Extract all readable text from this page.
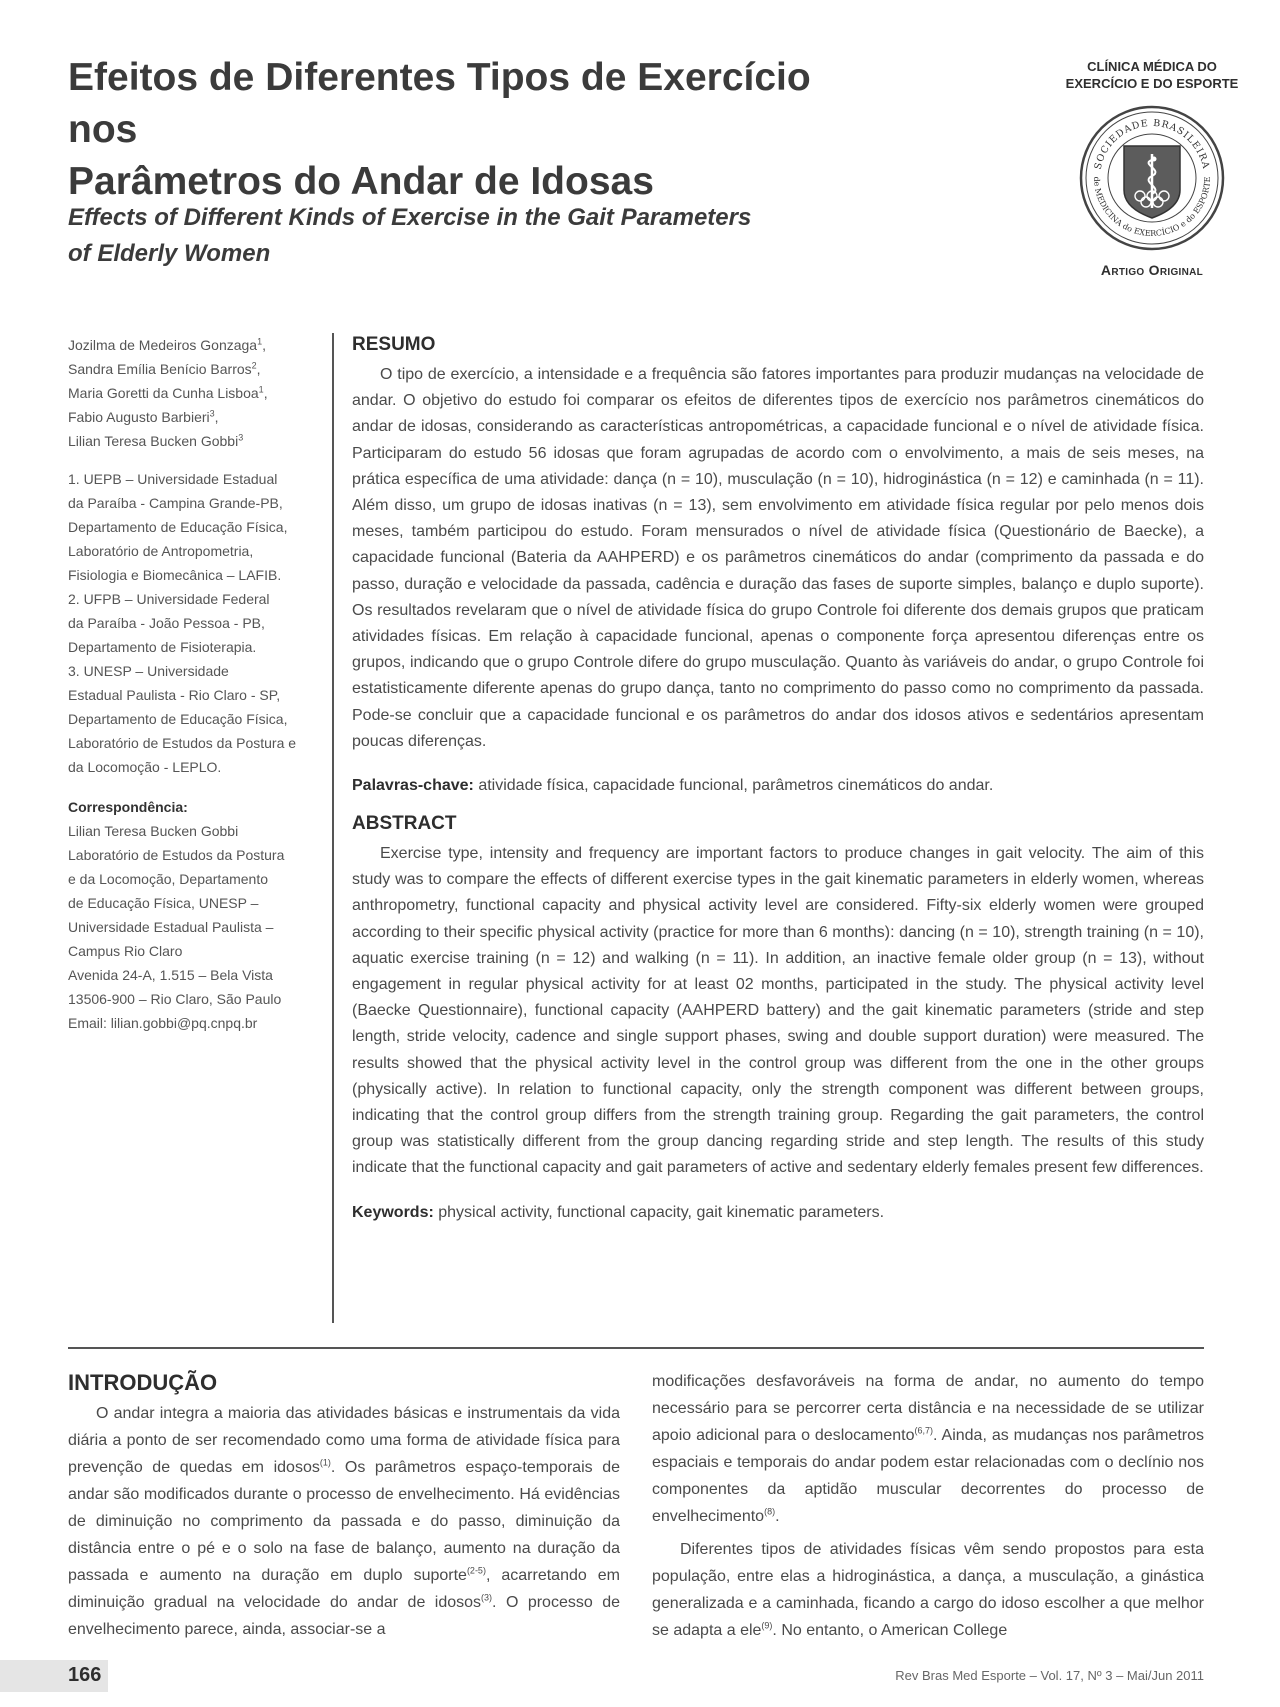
Efeitos de Diferentes Tipos de Exercício nos
Parâmetros do Andar de Idosas
Effects of Different Kinds of Exercise in the Gait Parameters
of Elderly Women
CLÍNICA MÉDICA DO
EXERCÍCIO E DO ESPORTE
SOCIEDADE BRASILEIRA
de MEDICINA do EXERCÍCIO e do ESPORTE
Artigo Original
Jozilma de Medeiros Gonzaga$^1$,
Sandra Emília Benício Barros$^2$,
Maria Goretti da Cunha Lisboa$^1$,
Fabio Augusto Barbieri$^3$,
Lilian Teresa Bucken Gobbi$^3$
1. UEPB – Universidade Estadual
da Paraíba - Campina Grande-PB,
Departamento de Educação Física,
Laboratório de Antropometria,
Fisiologia e Biomecânica – LAFIB.
2. UFPB – Universidade Federal
da Paraíba - João Pessoa - PB,
Departamento de Fisioterapia.
3. UNESP – Universidade
Estadual Paulista - Rio Claro - SP,
Departamento de Educação Física,
Laboratório de Estudos da Postura e
da Locomoção - LEPLO.
Correspondência:
Lilian Teresa Bucken Gobbi
Laboratório de Estudos da Postura
e da Locomoção, Departamento
de Educação Física, UNESP –
Universidade Estadual Paulista –
Campus Rio Claro
Avenida 24-A, 1.515 – Bela Vista
13506-900 – Rio Claro, São Paulo
Email: lilian.gobbi@pq.cnpq.br
RESUMO

O tipo de exercício, a intensidade e a frequência são fatores importantes para produzir mudanças na velocidade de andar. O objetivo do estudo foi comparar os efeitos de diferentes tipos de exercício nos parâmetros cinemáticos do andar de idosas, considerando as características antropométricas, a capacidade funcional e o nível de atividade física. Participaram do estudo 56 idosas que foram agrupadas de acordo com o envolvimento, a mais de seis meses, na prática específica de uma atividade: dança (n = 10), musculação (n = 10), hidroginástica (n = 12) e caminhada (n = 11). Além disso, um grupo de idosas inativas (n = 13), sem envolvimento em atividade física regular por pelo menos dois meses, também participou do estudo. Foram mensurados o nível de atividade física (Questionário de Baecke), a capacidade funcional (Bateria da AAHPERD) e os parâmetros cinemáticos do andar (comprimento da passada e do passo, duração e velocidade da passada, cadência e duração das fases de suporte simples, balanço e duplo suporte). Os resultados revelaram que o nível de atividade física do grupo Controle foi diferente dos demais grupos que praticam atividades físicas. Em relação à capacidade funcional, apenas o componente força apresentou diferenças entre os grupos, indicando que o grupo Controle difere do grupo musculação. Quanto às variáveis do andar, o grupo Controle foi estatisticamente diferente apenas do grupo dança, tanto no comprimento do passo como no comprimento da passada. Pode-se concluir que a capacidade funcional e os parâmetros do andar dos idosos ativos e sedentários apresentam poucas diferenças.

Palavras-chave: atividade física, capacidade funcional, parâmetros cinemáticos do andar.

ABSTRACT

Exercise type, intensity and frequency are important factors to produce changes in gait velocity. The aim of this study was to compare the effects of different exercise types in the gait kinematic parameters in elderly women, whereas anthropometry, functional capacity and physical activity level are considered. Fifty-six elderly women were grouped according to their specific physical activity (practice for more than 6 months): dancing (n = 10), strength training (n = 10), aquatic exercise training (n = 12) and walking (n = 11). In addition, an inactive female older group (n = 13), without engagement in regular physical activity for at least 02 months, participated in the study. The physical activity level (Baecke Questionnaire), functional capacity (AAHPERD battery) and the gait kinematic parameters (stride and step length, stride velocity, cadence and single support phases, swing and double support duration) were measured. The results showed that the physical activity level in the control group was different from the one in the other groups (physically active). In relation to functional capacity, only the strength component was different between groups, indicating that the control group differs from the strength training group. Regarding the gait parameters, the control group was statistically different from the group dancing regarding stride and step length. The results of this study indicate that the functional capacity and gait parameters of active and sedentary elderly females present few differences.

Keywords: physical activity, functional capacity, gait kinematic parameters.

INTRODUÇÃO

O andar integra a maioria das atividades básicas e instrumentais da vida diária a ponto de ser recomendado como uma forma de atividade física para prevenção de quedas em idosos$^{(1)}$. Os parâmetros espaço-temporais de andar são modificados durante o processo de envelhecimento. Há evidências de diminuição no comprimento da passada e do passo, diminuição da distância entre o pé e o solo na fase de balanço, aumento na duração da passada e aumento na duração em duplo suporte$^{(2-5)}$, acarretando em diminuição gradual na velocidade do andar de idosos$^{(3)}$. O processo de envelhecimento parece, ainda, associar-se a

modificações desfavoráveis na forma de andar, no aumento do tempo necessário para se percorrer certa distância e na necessidade de se utilizar apoio adicional para o deslocamento$^{(6,7)}$. Ainda, as mudanças nos parâmetros espaciais e temporais do andar podem estar relacionadas com o declínio nos componentes da aptidão muscular decorrentes do processo de envelhecimento$^{(8)}$.

Diferentes tipos de atividades físicas vêm sendo propostos para esta população, entre elas a hidroginástica, a dança, a musculação, a ginástica generalizada e a caminhada, ficando a cargo do idoso escolher a que melhor se adapta a ele$^{(9)}$. No entanto, o American College

166	Rev Bras Med Esporte – Vol. 17, Nº 3 – Mai/Jun 2011
